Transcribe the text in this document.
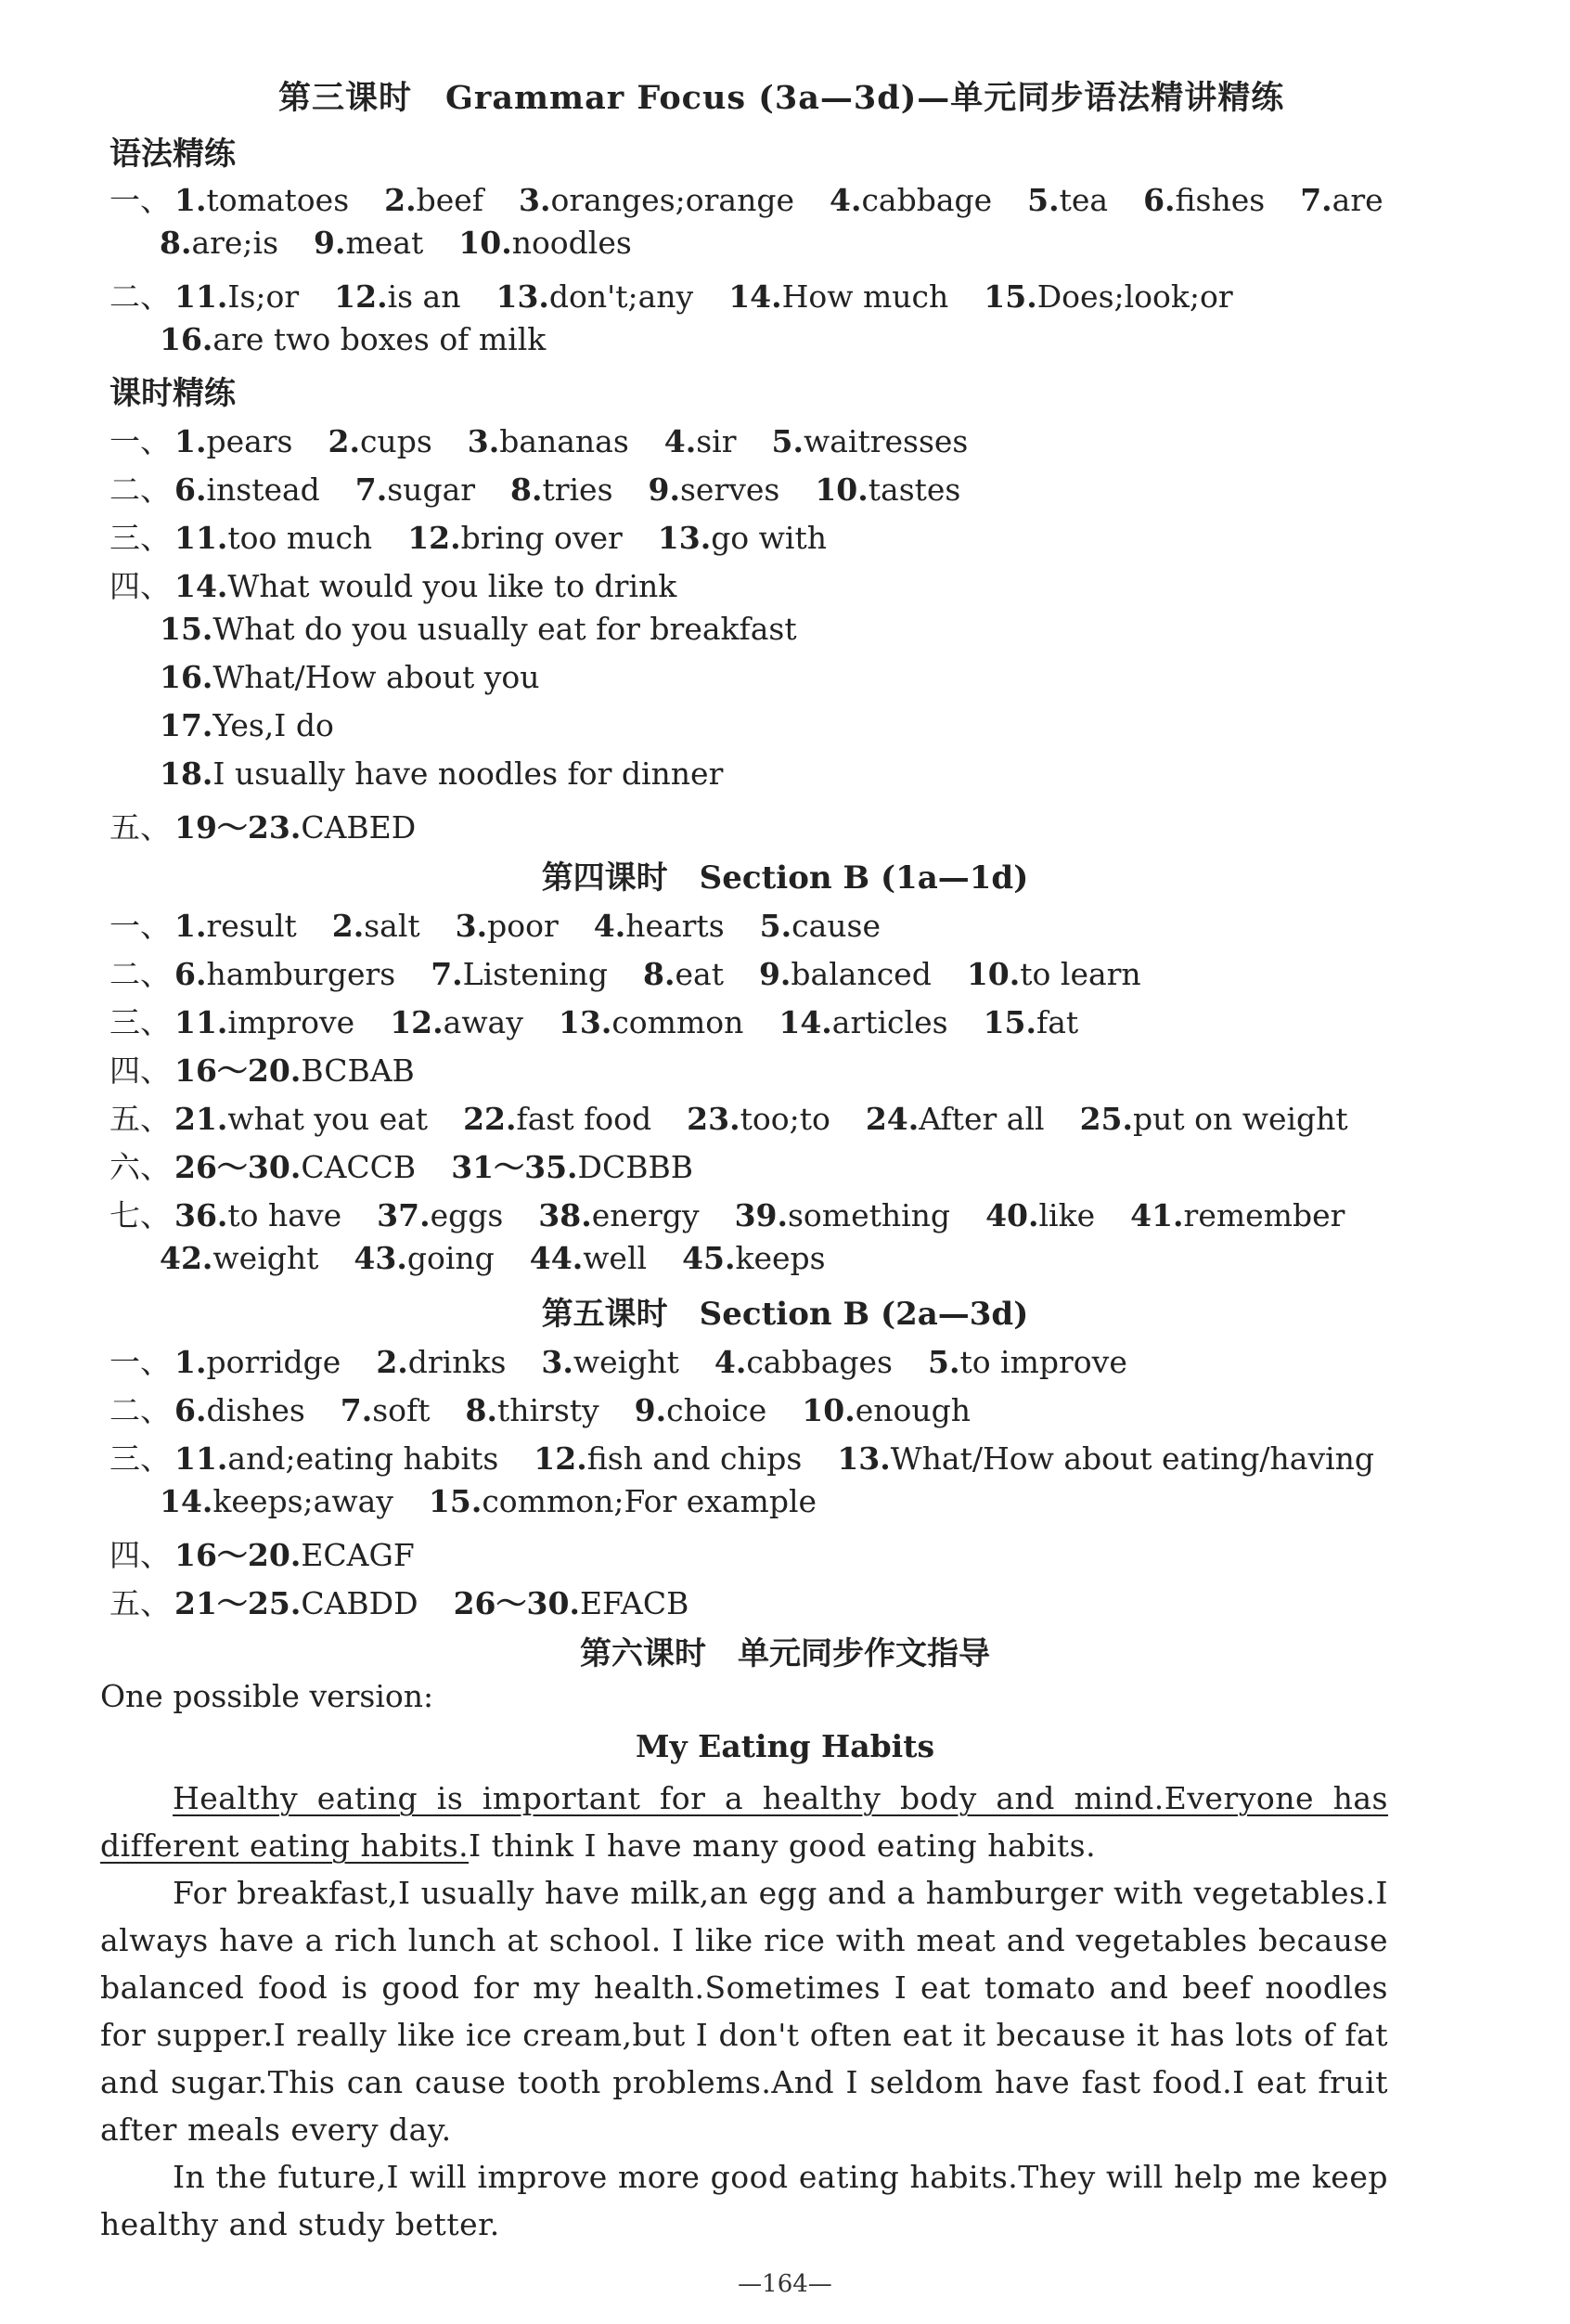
第三课时　Grammar Focus (3a—3d)—单元同步语法精讲精练
语法精练
一、 1.tomatoes 2.beef 3.oranges;orange 4.cabbage 5.tea 6.fishes 7.are
8.are;is 9.meat 10.noodles
二、 11.Is;or 12.is an 13.don't;any 14.How much 15.Does;look;or
16.are two boxes of milk
课时精练
一、 1.pears 2.cups 3.bananas 4.sir 5.waitresses
二、 6.instead 7.sugar 8.tries 9.serves 10.tastes
三、 11.too much 12.bring over 13.go with
四、 14.What would you like to drink
15.What do you usually eat for breakfast
16.What/How about you
17.Yes,I do
18.I usually have noodles for dinner
五、 19～23.CABED
第四课时　Section B (1a—1d)
一、 1.result 2.salt 3.poor 4.hearts 5.cause
二、 6.hamburgers 7.Listening 8.eat 9.balanced 10.to learn
三、 11.improve 12.away 13.common 14.articles 15.fat
四、 16～20.BCBAB
五、 21.what you eat 22.fast food 23.too;to 24.After all 25.put on weight
六、 26～30.CACCB 31～35.DCBBB
七、 36.to have 37.eggs 38.energy 39.something 40.like 41.remember
42.weight 43.going 44.well 45.keeps
第五课时　Section B (2a—3d)
一、 1.porridge 2.drinks 3.weight 4.cabbages 5.to improve
二、 6.dishes 7.soft 8.thirsty 9.choice 10.enough
三、 11.and;eating habits 12.fish and chips 13.What/How about eating/having
14.keeps;away 15.common;For example
四、 16～20.ECAGF
五、 21～25.CABDD 26～30.EFACB
第六课时　单元同步作文指导
One possible version:
My Eating Habits
Healthy eating is important for a healthy body and mind.Everyone has different eating habits.I think I have many good eating habits.
For breakfast,I usually have milk,an egg and a hamburger with vegetables.I always have a rich lunch at school. I like rice with meat and vegetables because balanced food is good for my health.Sometimes I eat tomato and beef noodles for supper.I really like ice cream,but I don't often eat it because it has lots of fat and sugar.This can cause tooth problems.And I seldom have fast food.I eat fruit after meals every day.
In the future,I will improve more good eating habits.They will help me keep healthy and study better.
—164—
